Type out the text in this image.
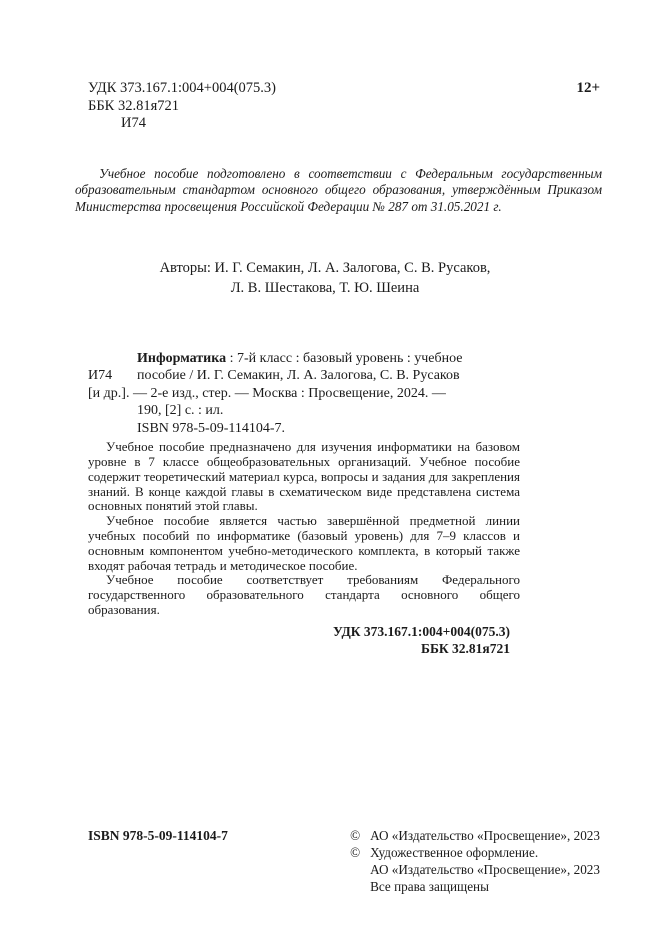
УДК 373.167.1:004+004(075.3)
ББК 32.81я721
И74
12+

Учебное пособие подготовлено в соответствии с Федеральным государственным образовательным стандартом основного общего образования, утверждённым Приказом Министерства просвещения Российской Федерации № 287 от 31.05.2021 г.

Авторы: И. Г. Семакин, Л. А. Залогова, С. В. Русаков,
Л. В. Шестакова, Т. Ю. Шеина
Информатика : 7-й класс : базовый уровень : учебное
И74 пособие / И. Г. Семакин, Л. А. Залогова, С. В. Русаков
[и др.]. — 2-е изд., стер. — Москва : Просвещение, 2024. —
190, [2] с. : ил.
ISBN 978-5-09-114104-7.

Учебное пособие предназначено для изучения информатики на базовом уровне в 7 классе общеобразовательных организаций. Учебное пособие содержит теоретический материал курса, вопросы и задания для закрепления знаний. В конце каждой главы в схематическом виде представлена система основных понятий этой главы.

Учебное пособие является частью завершённой предметной линии учебных пособий по информатике (базовый уровень) для 7–9 классов и основным компонентом учебно-методического комплекта, в который также входят рабочая тетрадь и методическое пособие.

Учебное пособие соответствует требованиям Федерального государственного образовательного стандарта основного общего образования.

УДК 373.167.1:004+004(075.3)
ББК 32.81я721
ISBN 978-5-09-114104-7	© АО «Издательство «Просвещение», 2023
© Художественное оформление.
АО «Издательство «Просвещение», 2023
Все права защищены
